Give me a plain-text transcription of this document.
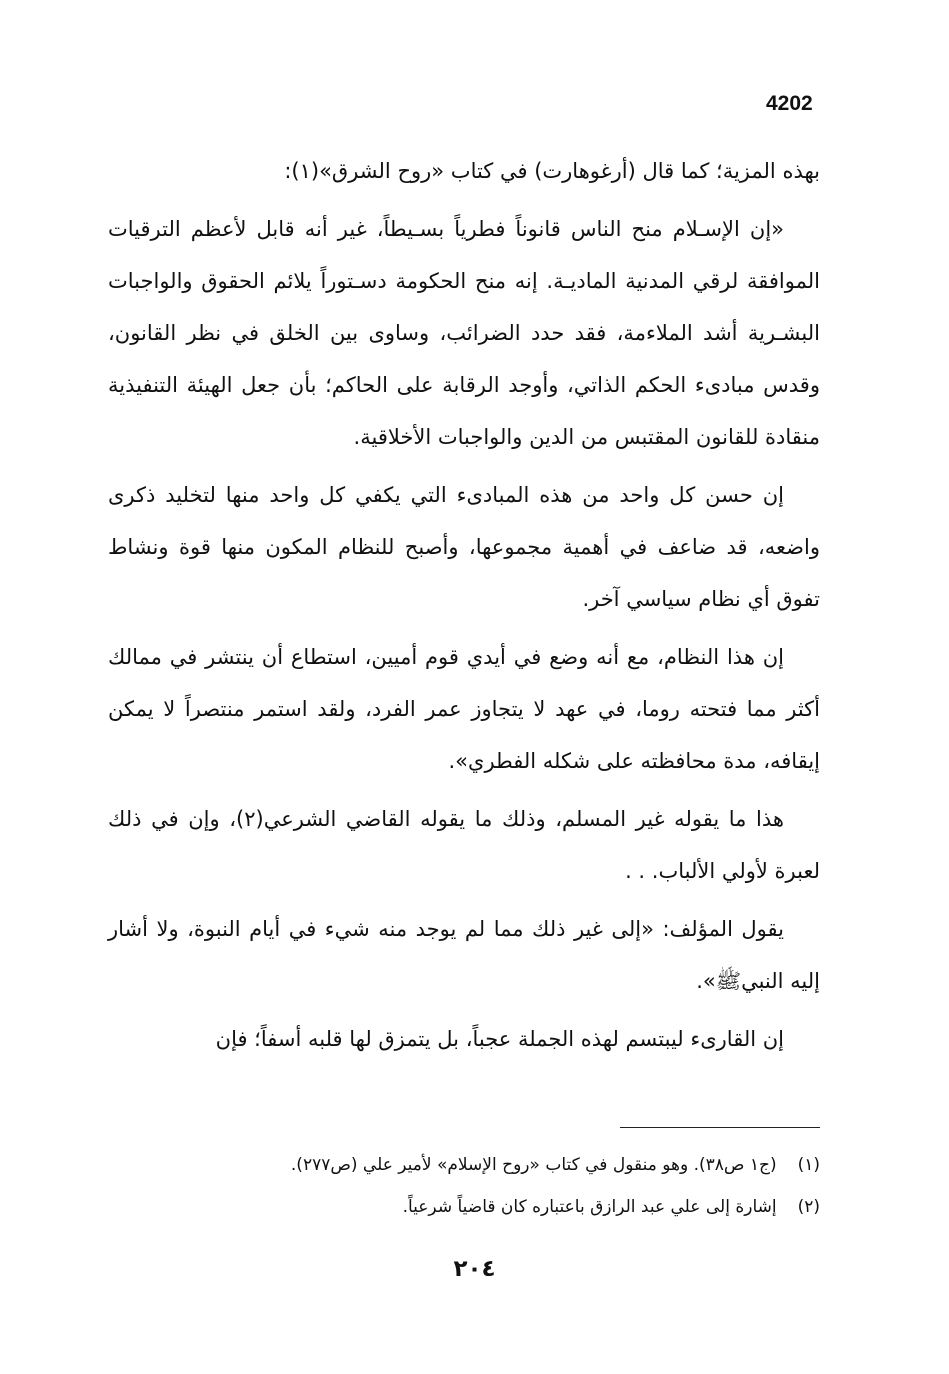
4202

بهذه المزية؛ كما قال (أرغوهارت) في كتاب «روح الشرق»(١):

«إن الإسـلام منح الناس قانوناً فطرياً بسـيطاً، غير أنه قابل لأعظم الترقيات الموافقة لرقي المدنية الماديـة. إنه منح الحكومة دسـتوراً يلائم الحقوق والواجبات البشـرية أشد الملاءمة، فقد حدد الضرائب، وساوى بين الخلق في نظر القانون، وقدس مبادىء الحكم الذاتي، وأوجد الرقابة على الحاكم؛ بأن جعل الهيئة التنفيذية منقادة للقانون المقتبس من الدين والواجبات الأخلاقية.

إن حسن كل واحد من هذه المبادىء التي يكفي كل واحد منها لتخليد ذكرى واضعه، قد ضاعف في أهمية مجموعها، وأصبح للنظام المكون منها قوة ونشاط تفوق أي نظام سياسي آخر.

إن هذا النظام، مع أنه وضع في أيدي قوم أميين، استطاع أن ينتشر في ممالك أكثر مما فتحته روما، في عهد لا يتجاوز عمر الفرد، ولقد استمر منتصراً لا يمكن إيقافه، مدة محافظته على شكله الفطري».

هذا ما يقوله غير المسلم، وذلك ما يقوله القاضي الشرعي(٢)، وإن في ذلك لعبرة لأولي الألباب. . .

يقول المؤلف: «إلى غير ذلك مما لم يوجد منه شيء في أيام النبوة، ولا أشار إليه النبيﷺ».

إن القارىء ليبتسم لهذه الجملة عجباً، بل يتمزق لها قلبه أسفاً؛ فإن

(١) (ج١ ص٣٨). وهو منقول في كتاب «روح الإسلام» لأمير علي (ص٢٧٧).
(٢) إشارة إلى علي عبد الرازق باعتباره كان قاضياً شرعياً.
٢٠٤
